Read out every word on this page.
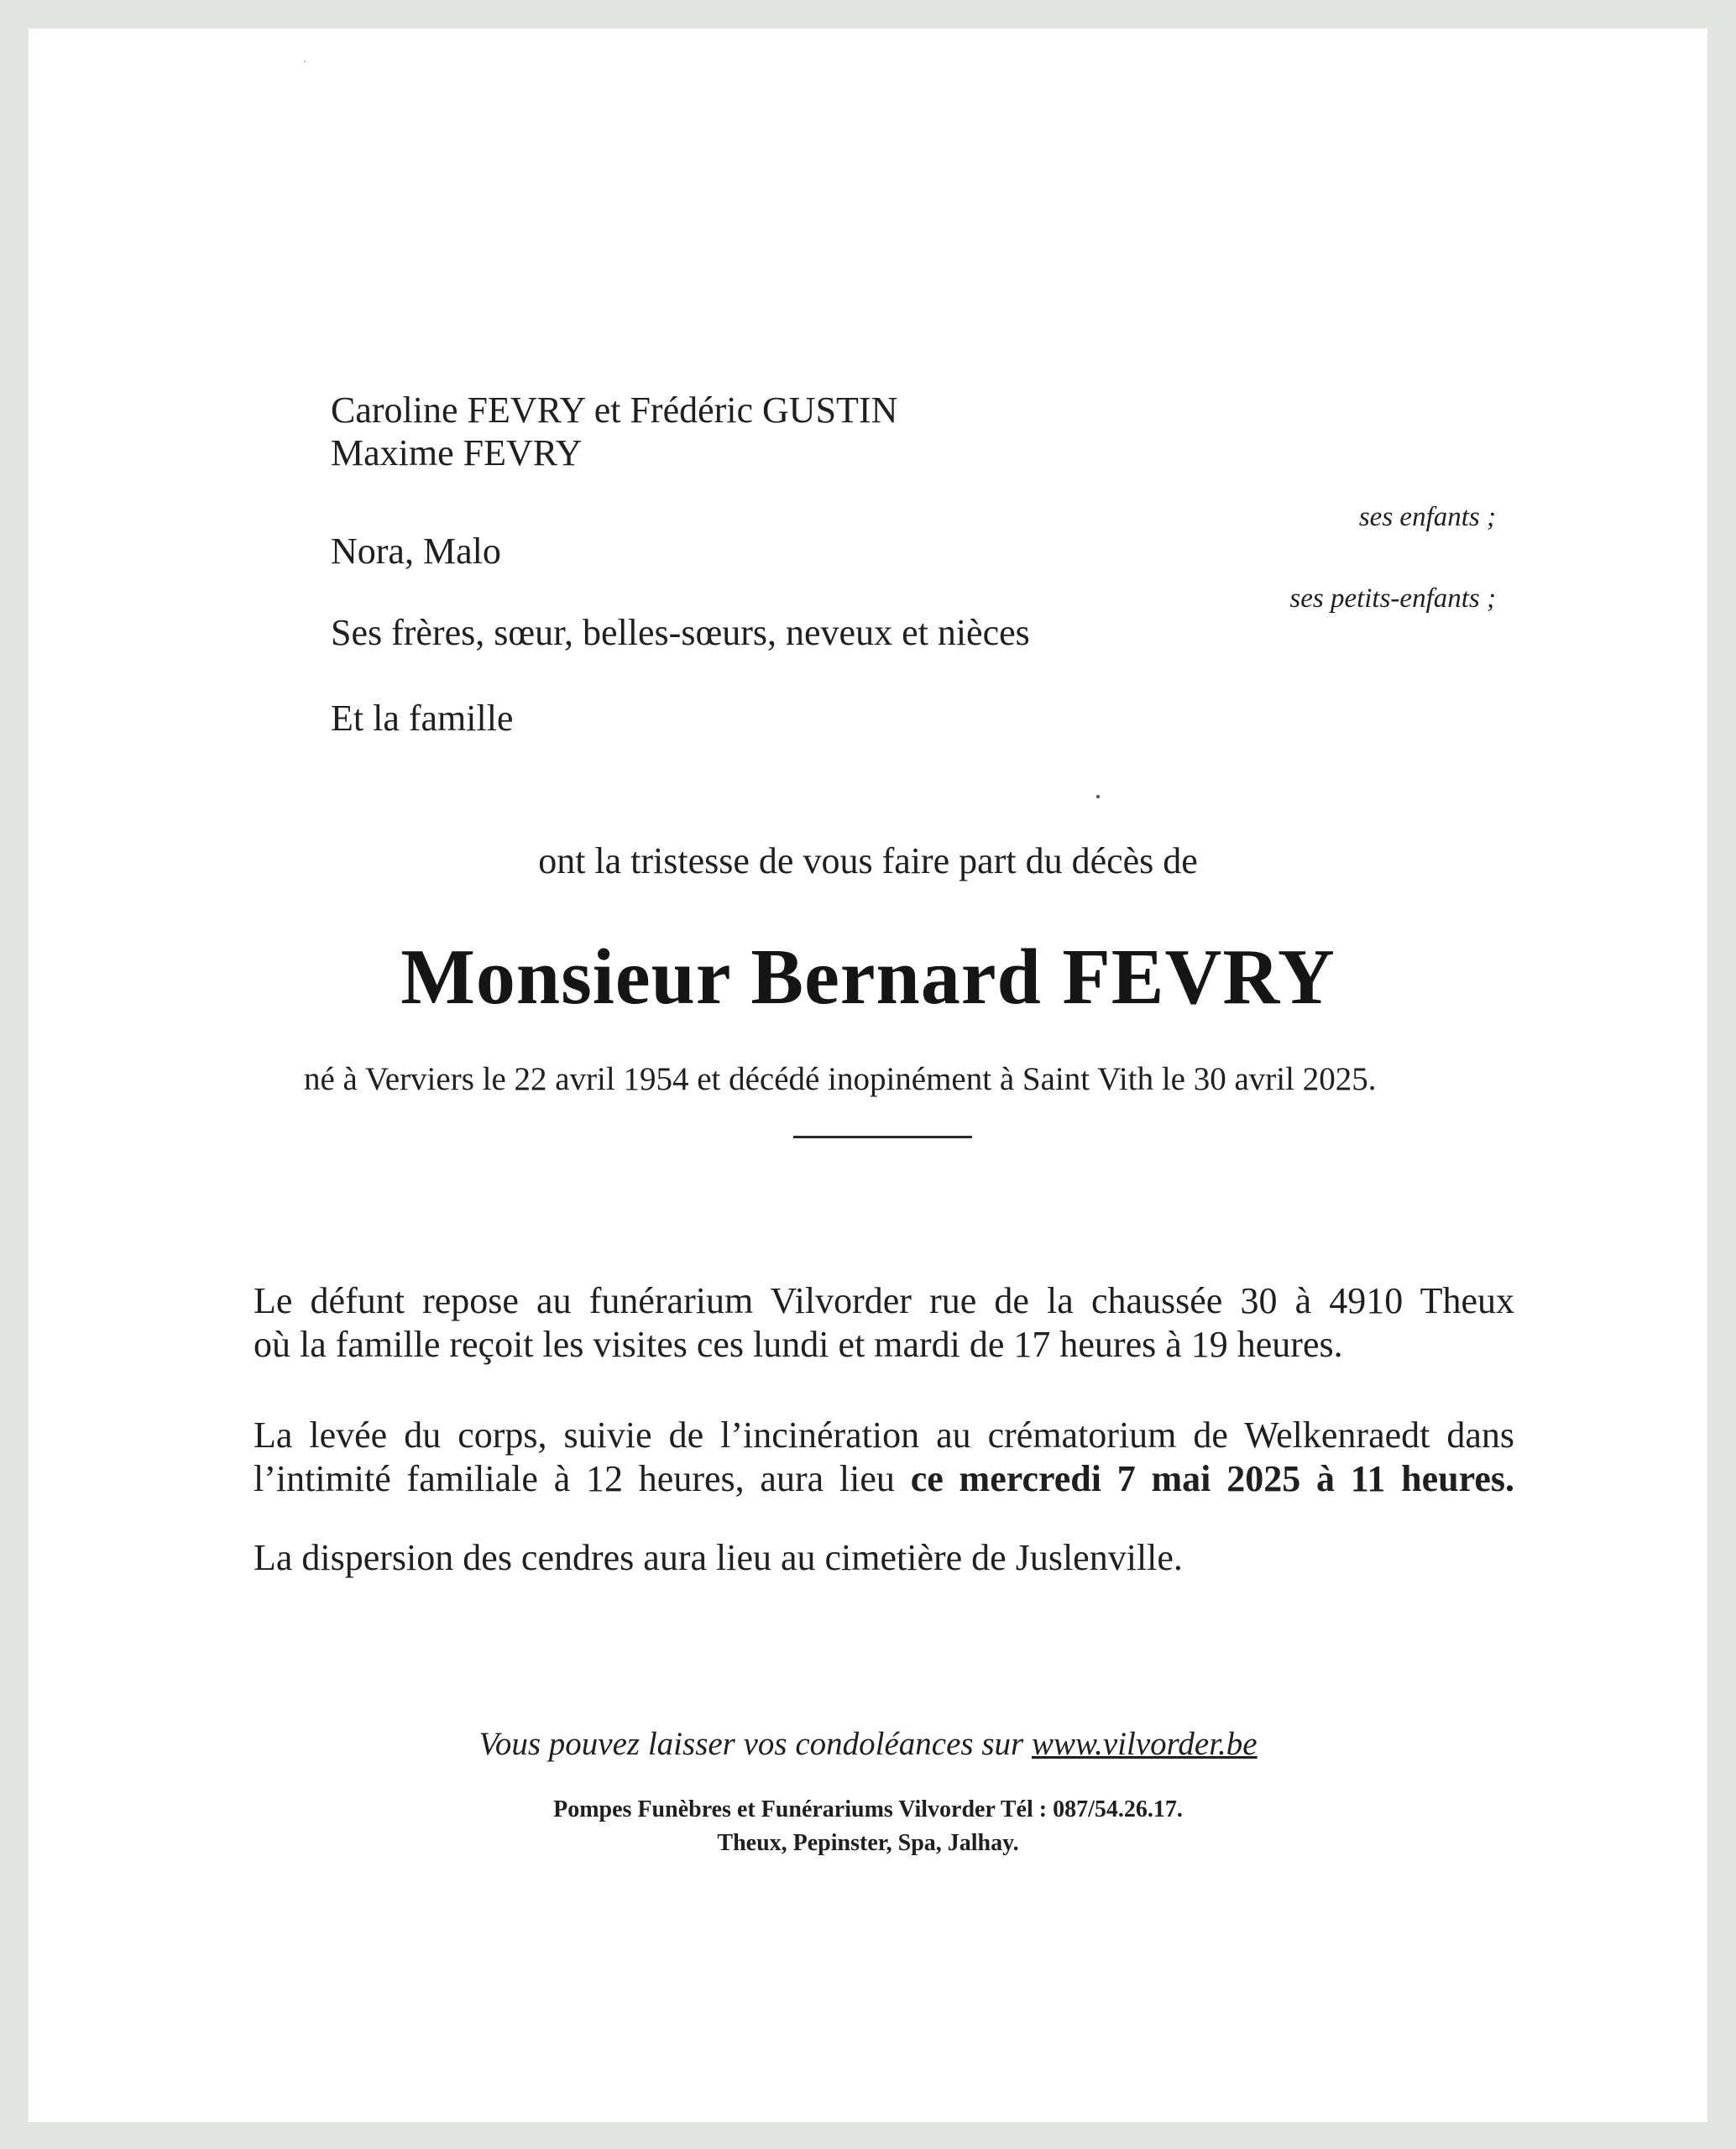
Caroline FEVRY et Frédéric GUSTIN

Maxime FEVRY

ses enfants ;

Nora, Malo

ses petits-enfants ;

Ses frères, sœur, belles-sœurs, neveux et nièces

Et la famille

ont la tristesse de vous faire part du décès de

Monsieur Bernard FEVRY

né à Verviers le 22 avril 1954 et décédé inopinément à Saint Vith le 30 avril 2025.

Le défunt repose au funérarium Vilvorder rue de la chaussée 30 à 4910 Theux
où la famille reçoit les visites ces lundi et mardi de 17 heures à 19 heures.
La levée du corps, suivie de l’incinération au crématorium de Welkenraedt dans
l’intimité familiale à 12 heures, aura lieu ce mercredi 7 mai 2025 à 11 heures.

La dispersion des cendres aura lieu au cimetière de Juslenville.

Vous pouvez laisser vos condoléances sur www.vilvorder.be

Pompes Funèbres et Funérariums Vilvorder Tél : 087/54.26.17.

Theux, Pepinster, Spa, Jalhay.
